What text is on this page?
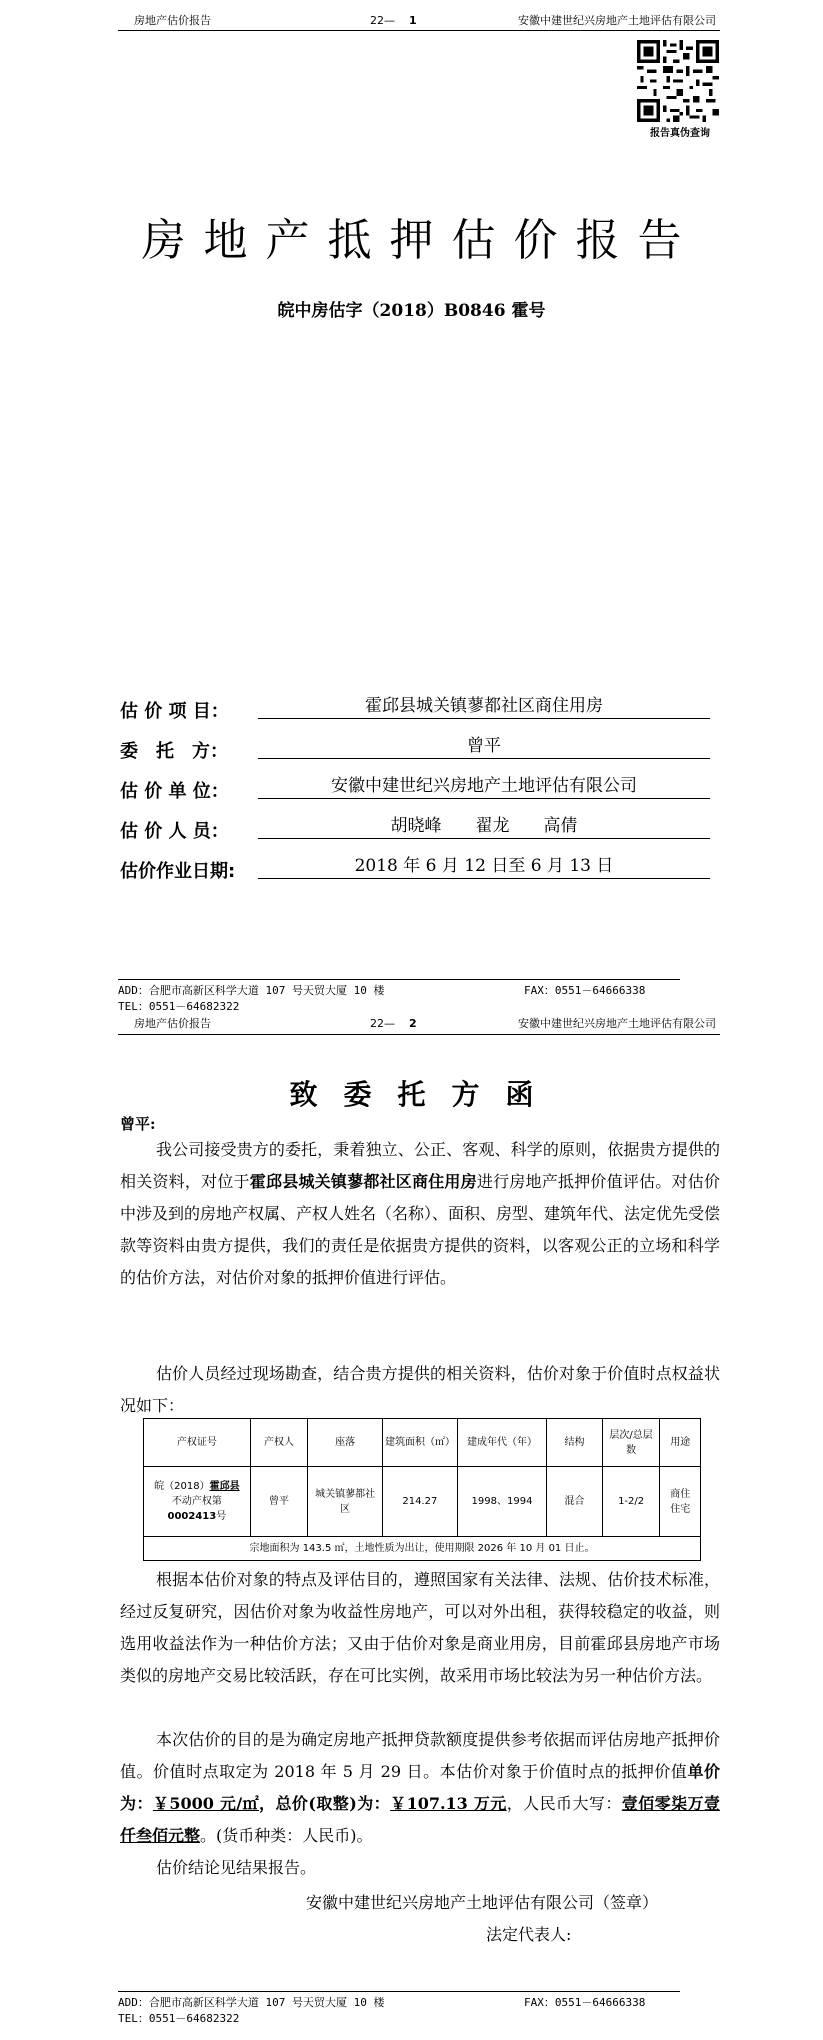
房地产估价报告	22— 1	安徽中建世纪兴房地产土地评估有限公司
报告真伪查询
房地产抵押估价报告
皖中房估字（2018）B0846 霍号
估 价 项 目：	霍邱县城关镇蓼都社区商住用房
委　托　方：	曾平
估 价 单 位：	安徽中建世纪兴房地产土地评估有限公司
估 价 人 员：	胡晓峰　　翟龙　　高倩
估价作业日期:	2018 年 6 月 12 日至 6 月 13 日
ADD：合肥市高新区科学大道 107 号天贸大厦 10 楼	FAX：0551－64666338
TEL：0551－64682322
房地产估价报告	22— 2	安徽中建世纪兴房地产土地评估有限公司
致委托方函
曾平:
我公司接受贵方的委托，秉着独立、公正、客观、科学的原则，依据贵方提供的相关资料，对位于霍邱县城关镇蓼都社区商住用房进行房地产抵押价值评估。对估价中涉及到的房地产权属、产权人姓名（名称）、面积、房型、建筑年代、法定优先受偿款等资料由贵方提供，我们的责任是依据贵方提供的资料，以客观公正的立场和科学的估价方法，对估价对象的抵押价值进行评估。
估价人员经过现场勘查，结合贵方提供的相关资料，估价对象于价值时点权益状况如下：
产权证号	产权人	座落	建筑面积（㎡）	建成年代（年）	结构	层次/总层数	用途
皖（2018）霍邱县
不动产权第
0002413号	曾平	城关镇蓼都社区	214.27	1998、1994	混合	1-2/2	商住住宅
宗地面积为 143.5 ㎡，土地性质为出让，使用期限 2026 年 10 月 01 日止。							
根据本估价对象的特点及评估目的，遵照国家有关法律、法规、估价技术标准，经过反复研究，因估价对象为收益性房地产，可以对外出租，获得较稳定的收益，则选用收益法作为一种估价方法；又由于估价对象是商业用房，目前霍邱县房地产市场类似的房地产交易比较活跃，存在可比实例，故采用市场比较法为另一种估价方法。
本次估价的目的是为确定房地产抵押贷款额度提供参考依据而评估房地产抵押价值。价值时点取定为 2018 年 5 月 29 日。本估价对象于价值时点的抵押价值单价为：￥5000 元/㎡，总价(取整)为：￥107.13 万元，人民币大写：壹佰零柒万壹仟叁佰元整。(货币种类：人民币)。
估价结论见结果报告。
安徽中建世纪兴房地产土地评估有限公司（签章）
法定代表人:
ADD：合肥市高新区科学大道 107 号天贸大厦 10 楼	FAX：0551－64666338
TEL：0551－64682322
